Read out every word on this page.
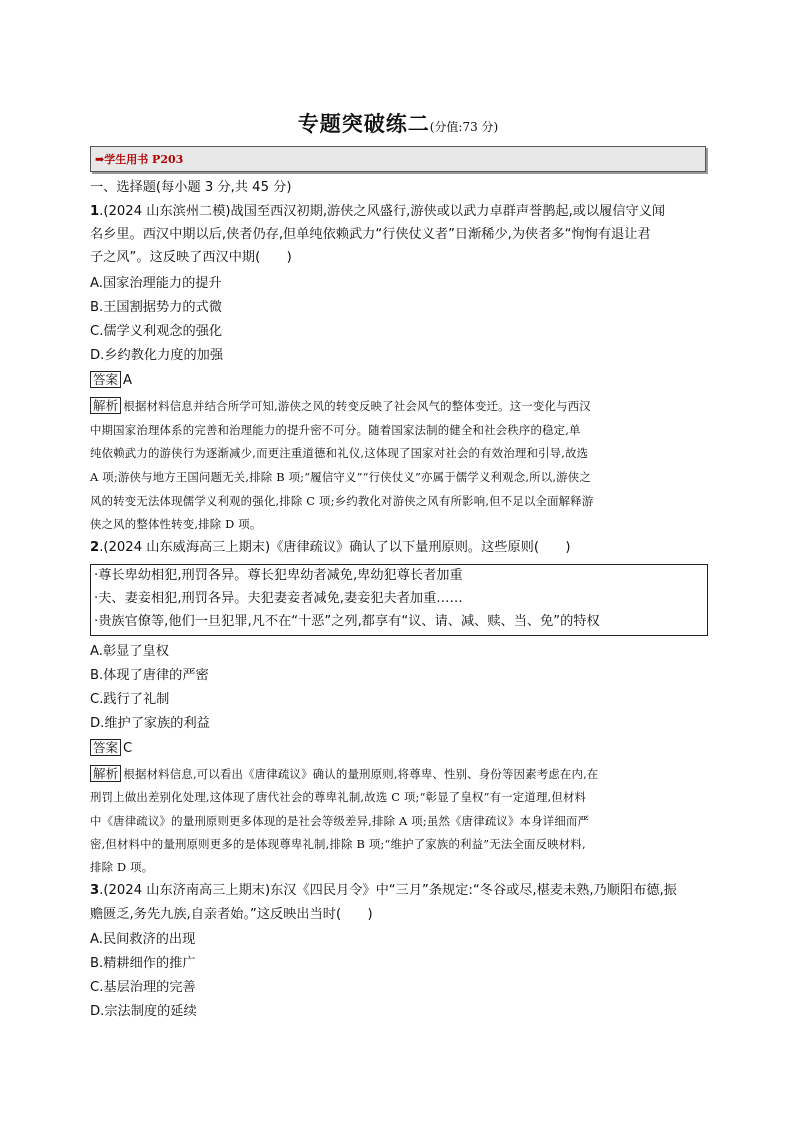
专题突破练二(分值:73 分)
➡学生用书 P203
一、选择题(每小题 3 分,共 45 分)
1.(2024 山东滨州二模)战国至西汉初期,游侠之风盛行,游侠或以武力卓群声誉鹊起,或以履信守义闻
名乡里。西汉中期以后,侠者仍存,但单纯依赖武力“行侠仗义者”日渐稀少,为侠者多“恂恂有退让君
子之风”。这反映了西汉中期(　　)
A.国家治理能力的提升
B.王国割据势力的式微
C.儒学义利观念的强化
D.乡约教化力度的加强
答案 A
解析 根据材料信息并结合所学可知,游侠之风的转变反映了社会风气的整体变迁。这一变化与西汉
中期国家治理体系的完善和治理能力的提升密不可分。随着国家法制的健全和社会秩序的稳定,单
纯依赖武力的游侠行为逐渐减少,而更注重道德和礼仪,这体现了国家对社会的有效治理和引导,故选
A 项;游侠与地方王国问题无关,排除 B 项;“履信守义”“行侠仗义”亦属于儒学义利观念,所以,游侠之
风的转变无法体现儒学义利观的强化,排除 C 项;乡约教化对游侠之风有所影响,但不足以全面解释游
侠之风的整体性转变,排除 D 项。
2.(2024 山东威海高三上期末)《唐律疏议》确认了以下量刑原则。这些原则(　　)
·尊长卑幼相犯,刑罚各异。尊长犯卑幼者减免,卑幼犯尊长者加重
·夫、妻妾相犯,刑罚各异。夫犯妻妾者减免,妻妾犯夫者加重……
·贵族官僚等,他们一旦犯罪,凡不在“十恶”之列,都享有“议、请、减、赎、当、免”的特权
A.彰显了皇权
B.体现了唐律的严密
C.践行了礼制
D.维护了家族的利益
答案 C
解析 根据材料信息,可以看出《唐律疏议》确认的量刑原则,将尊卑、性别、身份等因素考虑在内,在
刑罚上做出差别化处理,这体现了唐代社会的尊卑礼制,故选 C 项;“彰显了皇权”有一定道理,但材料
中《唐律疏议》的量刑原则更多体现的是社会等级差异,排除 A 项;虽然《唐律疏议》本身详细而严
密,但材料中的量刑原则更多的是体现尊卑礼制,排除 B 项;“维护了家族的利益”无法全面反映材料,
排除 D 项。
3.(2024 山东济南高三上期末)东汉《四民月令》中“三月”条规定:“冬谷或尽,椹麦未熟,乃顺阳布德,振
赡匮乏,务先九族,自亲者始。”这反映出当时(　　)
A.民间救济的出现
B.精耕细作的推广
C.基层治理的完善
D.宗法制度的延续
